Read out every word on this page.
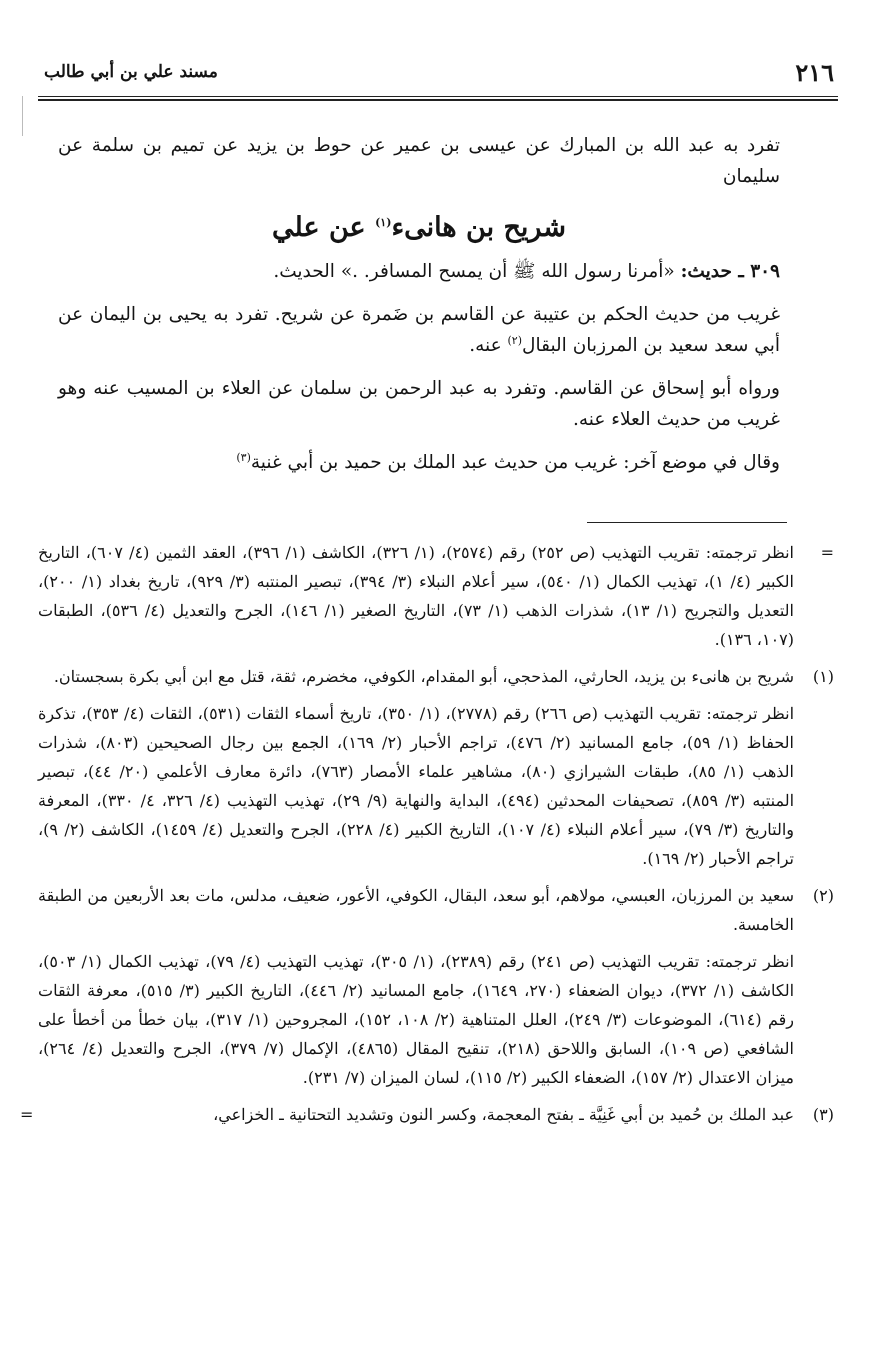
٢١٦
مسند علي بن أبي طالب

تفرد به عبد الله بن المبارك عن عيسى بن عمير عن حوط بن يزيد عن تميم بن سلمة عن سليمان

شريح بن هانىء$^{(١)}$ عن علي

٣٠٩ ـ حديث: «أمرنا رسول الله ﷺ أن يمسح المسافر. .» الحديث.

غريب من حديث الحكم بن عتيبة عن القاسم بن ضَمرة عن شريح. تفرد به يحيى بن اليمان عن أبي سعد سعيد بن المرزبان البقال$^{(٢)}$ عنه.

ورواه أبو إسحاق عن القاسم. وتفرد به عبد الرحمن بن سلمان عن العلاء بن المسيب عنه وهو غريب من حديث العلاء عنه.

وقال في موضع آخر: غريب من حديث عبد الملك بن حميد بن أبي غنية$^{(٣)}$

=
انظر ترجمته: تقريب التهذيب (ص ٢٥٢) رقم (٢٥٧٤)، (١/ ٣٢٦)، الكاشف (١/ ٣٩٦)، العقد الثمين (٤/ ٦٠٧)، التاريخ الكبير (٤/ ١)، تهذيب الكمال (١/ ٥٤٠)، سير أعلام النبلاء (٣/ ٣٩٤)، تبصير المنتبه (٣/ ٩٢٩)، تاريخ بغداد (١/ ٢٠٠)، التعديل والتجريح (١/ ١٣)، شذرات الذهب (١/ ٧٣)، التاريخ الصغير (١/ ١٤٦)، الجرح والتعديل (٤/ ٥٣٦)، الطبقات (١٠٧، ١٣٦).
(١)
شريح بن هانىء بن يزيد، الحارثي، المذحجي، أبو المقدام، الكوفي، مخضرم، ثقة، قتل مع ابن أبي بكرة بسجستان.

انظر ترجمته: تقريب التهذيب (ص ٢٦٦) رقم (٢٧٧٨)، (١/ ٣٥٠)، تاريخ أسماء الثقات (٥٣١)، الثقات (٤/ ٣٥٣)، تذكرة الحفاظ (١/ ٥٩)، جامع المسانيد (٢/ ٤٧٦)، تراجم الأحبار (٢/ ١٦٩)، الجمع بين رجال الصحيحين (٨٠٣)، شذرات الذهب (١/ ٨٥)، طبقات الشيرازي (٨٠)، مشاهير علماء الأمصار (٧٦٣)، دائرة معارف الأعلمي (٢٠/ ٤٤)، تبصير المنتبه (٣/ ٨٥٩)، تصحيفات المحدثين (٤٩٤)، البداية والنهاية (٩/ ٢٩)، تهذيب التهذيب (٤/ ٣٢٦، ٤/ ٣٣٠)، المعرفة والتاريخ (٣/ ٧٩)، سير أعلام النبلاء (٤/ ١٠٧)، التاريخ الكبير (٤/ ٢٢٨)، الجرح والتعديل (٤/ ١٤٥٩)، الكاشف (٢/ ٩)، تراجم الأحبار (٢/ ١٦٩).

(٢)
سعيد بن المرزبان، العبسي، مولاهم، أبو سعد، البقال، الكوفي، الأعور، ضعيف، مدلس، مات بعد الأربعين من الطبقة الخامسة.

انظر ترجمته: تقريب التهذيب (ص ٢٤١) رقم (٢٣٨٩)، (١/ ٣٠٥)، تهذيب التهذيب (٤/ ٧٩)، تهذيب الكمال (١/ ٥٠٣)، الكاشف (١/ ٣٧٢)، ديوان الضعفاء (٢٧٠، ١٦٤٩)، جامع المسانيد (٢/ ٤٤٦)، التاريخ الكبير (٣/ ٥١٥)، معرفة الثقات رقم (٦١٤)، الموضوعات (٣/ ٢٤٩)، العلل المتناهية (٢/ ١٠٨، ١٥٢)، المجروحين (١/ ٣١٧)، بيان خطأ من أخطأ على الشافعي (ص ١٠٩)، السابق واللاحق (٢١٨)، تنقيح المقال (٤٨٦٥)، الإكمال (٧/ ٣٧٩)، الجرح والتعديل (٤/ ٢٦٤)، ميزان الاعتدال (٢/ ١٥٧)، الضعفاء الكبير (٢/ ١١٥)، لسان الميزان (٧/ ٢٣١).

(٣)
عبد الملك بن حُميد بن أبي غَنِيَّة ـ بفتح المعجمة، وكسر النون وتشديد التحتانية ـ الخزاعي،
=
